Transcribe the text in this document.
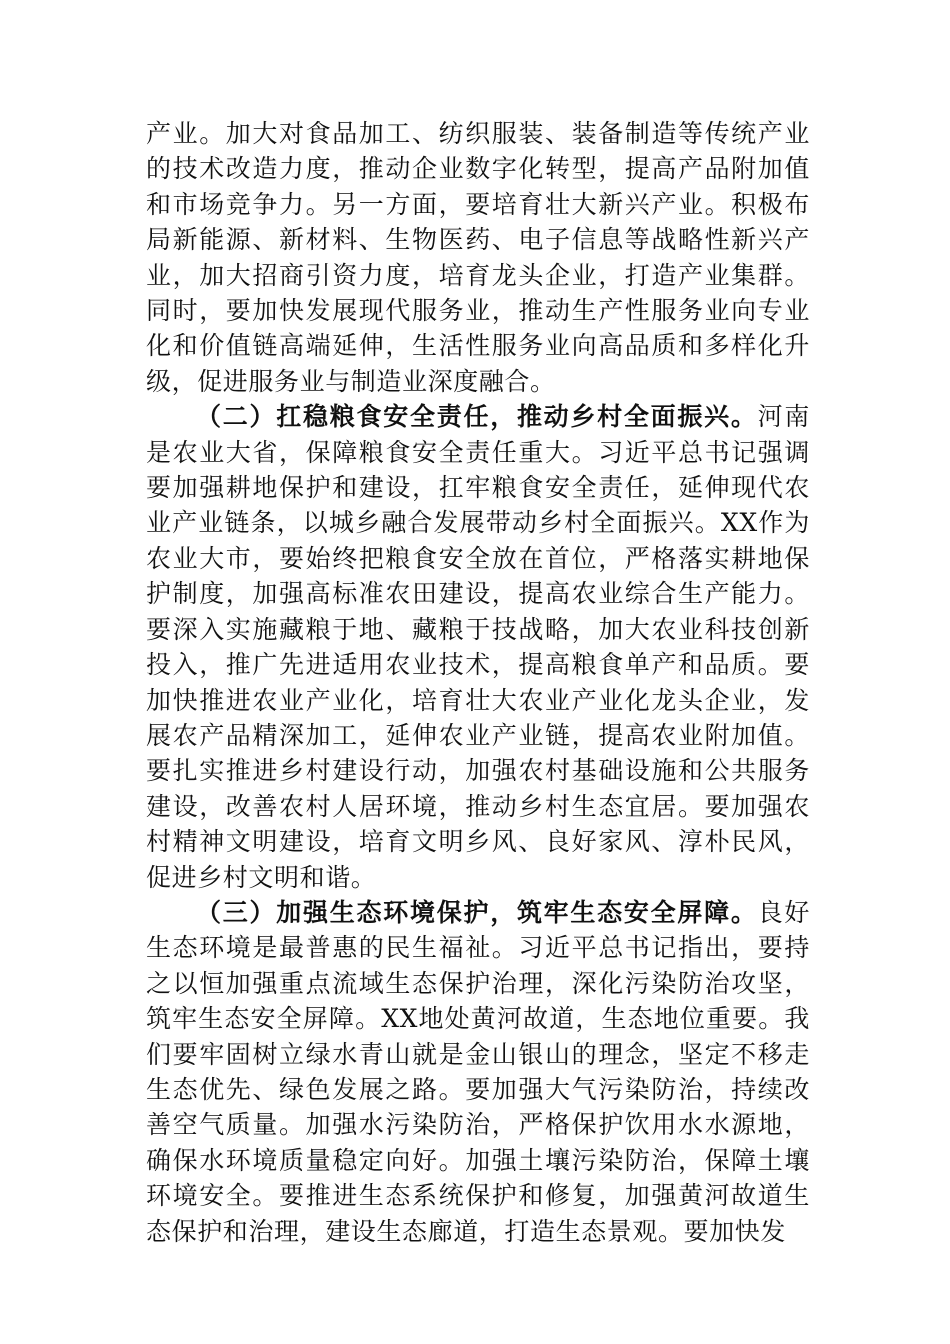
产业。加大对食品加工、纺织服装、装备制造等传统产业的技术改造力度，推动企业数字化转型，提高产品附加值和市场竞争力。另一方面，要培育壮大新兴产业。积极布局新能源、新材料、生物医药、电子信息等战略性新兴产业，加大招商引资力度，培育龙头企业，打造产业集群。同时，要加快发展现代服务业，推动生产性服务业向专业化和价值链高端延伸，生活性服务业向高品质和多样化升级，促进服务业与制造业深度融合。

（二）扛稳粮食安全责任，推动乡村全面振兴。河南是农业大省，保障粮食安全责任重大。习近平总书记强调要加强耕地保护和建设，扛牢粮食安全责任，延伸现代农业产业链条，以城乡融合发展带动乡村全面振兴。XX作为农业大市，要始终把粮食安全放在首位，严格落实耕地保护制度，加强高标准农田建设，提高农业综合生产能力。要深入实施藏粮于地、藏粮于技战略，加大农业科技创新投入，推广先进适用农业技术，提高粮食单产和品质。要加快推进农业产业化，培育壮大农业产业化龙头企业，发展农产品精深加工，延伸农业产业链，提高农业附加值。要扎实推进乡村建设行动，加强农村基础设施和公共服务建设，改善农村人居环境，推动乡村生态宜居。要加强农村精神文明建设，培育文明乡风、良好家风、淳朴民风，促进乡村文明和谐。

（三）加强生态环境保护，筑牢生态安全屏障。良好生态环境是最普惠的民生福祉。习近平总书记指出，要持之以恒加强重点流域生态保护治理，深化污染防治攻坚，筑牢生态安全屏障。XX地处黄河故道，生态地位重要。我们要牢固树立绿水青山就是金山银山的理念，坚定不移走生态优先、绿色发展之路。要加强大气污染防治，持续改善空气质量。加强水污染防治，严格保护饮用水水源地，确保水环境质量稳定向好。加强土壤污染防治，保障土壤环境安全。要推进生态系统保护和修复，加强黄河故道生态保护和治理，建设生态廊道，打造生态景观。要加快发
